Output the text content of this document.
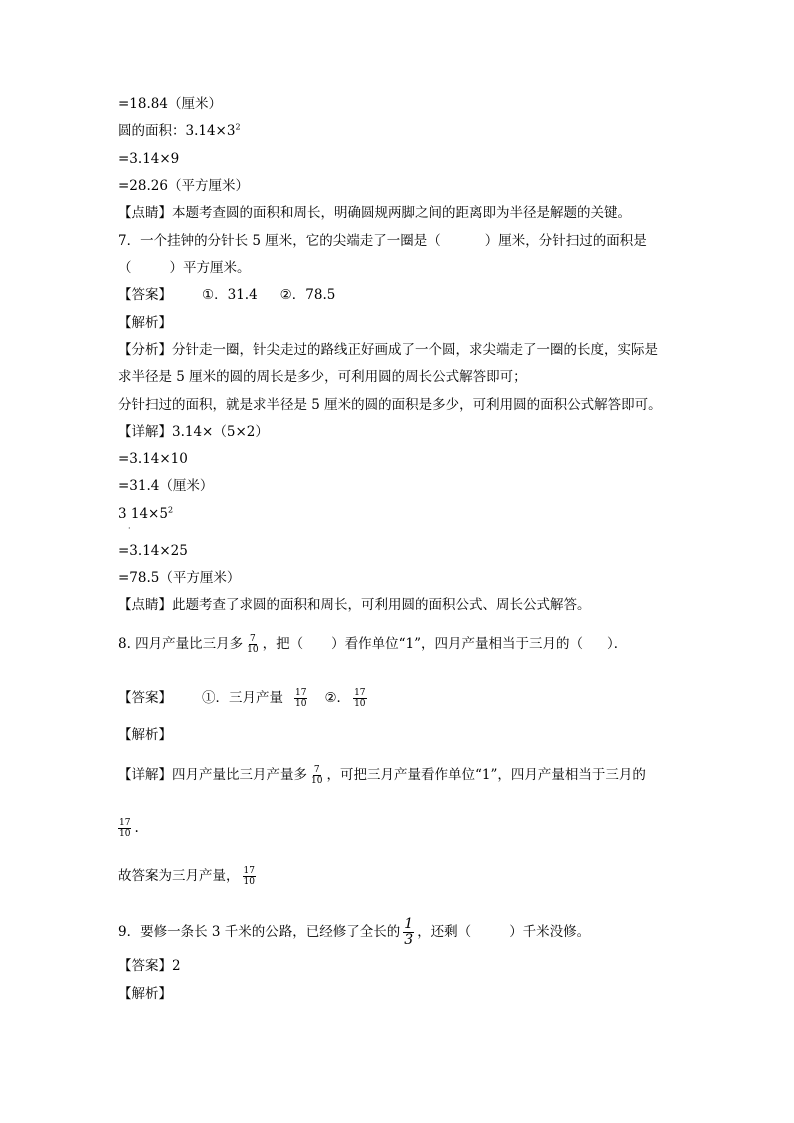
=18.84（厘米）
圆的面积：$3.14\times 3^2$
=3.14×9
=28.26（平方厘米）
【点睛】本题考查圆的面积和周长，明确圆规两脚之间的距离即为半径是解题的关键。
7．一个挂钟的分针长 5 厘米，它的尖端走了一圈是（	）厘米，分针扫过的面积是
（	）平方厘米。
【答案】 ①．31.4 ②．78.5
【解析】
【分析】分针走一圈，针尖走过的路线正好画成了一个圆，求尖端走了一圈的长度，实际是
求半径是 5 厘米的圆的周长是多少，可利用圆的周长公式解答即可；
分针扫过的面积，就是求半径是 5 厘米的圆的面积是多少，可利用圆的面积公式解答即可。
【详解】3.14×（5×2）
=3.14×10
=31.4（厘米）
3 $14\times 5^2$
·
=3.14×25
=78.5（平方厘米）
【点睛】此题考查了求圆的面积和周长，可利用圆的面积公式、周长公式解答。
8. 四月产量比三月多 $\frac{7}{10}$ ，把（ ）看作单位“1”，四月产量相当于三月的（ ）．
【答案】 ①．三月产量 $\frac{17}{10}$ ②． $\frac{17}{10}$
【解析】
【详解】四月产量比三月产量多 $\frac{7}{10}$ ，可把三月产量看作单位“1”，四月产量相当于三月的
$\frac{17}{10}$ .
故答案为三月产量， $\frac{17}{10}$
9．要修一条长 3 千米的公路，已经修了全长的 $\frac{1}{3}$ ，还剩（	）千米没修。
【答案】2
【解析】
